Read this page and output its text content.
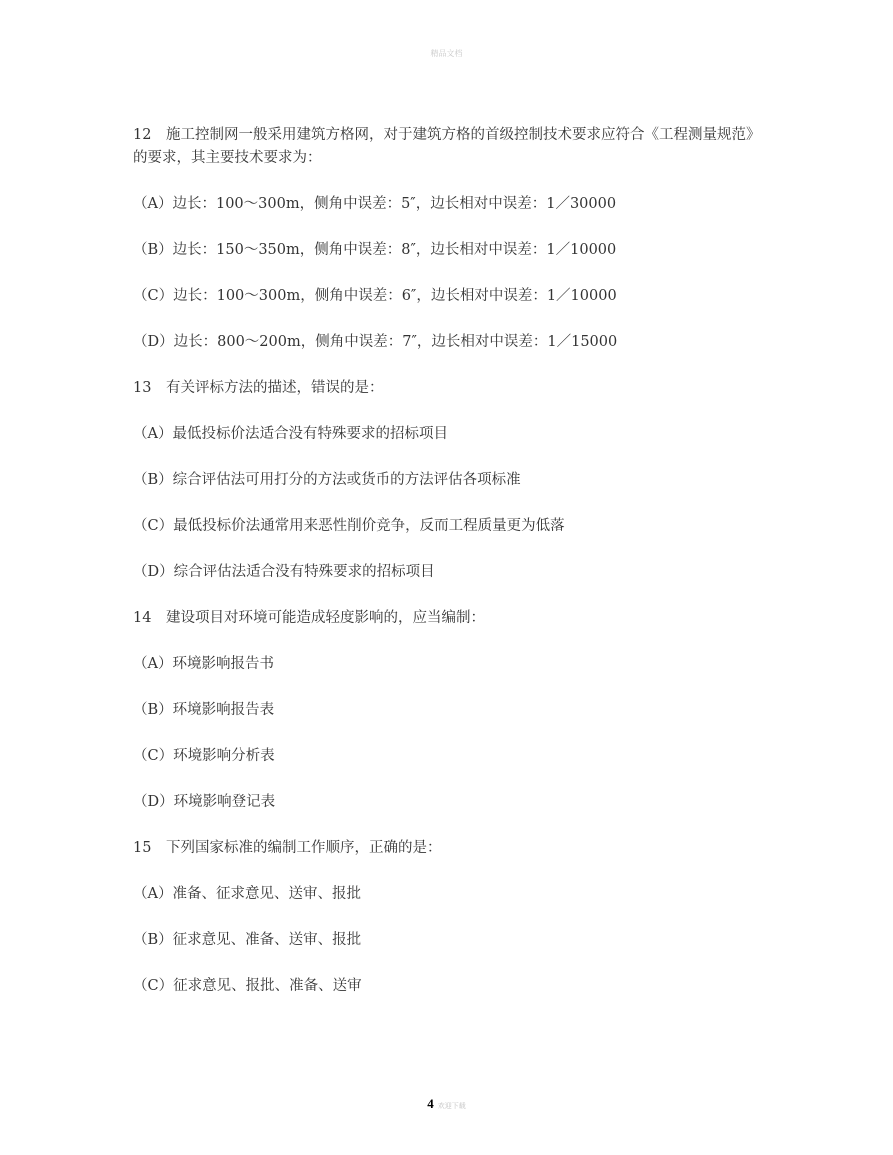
精品文档

12　施工控制网一般采用建筑方格网，对于建筑方格的首级控制技术要求应符合《工程测量规范》的要求，其主要技术要求为：

（A）边长：100～300m，侧角中误差：5″，边长相对中误差：1／30000

（B）边长：150～350m，侧角中误差：8″，边长相对中误差：1／10000

（C）边长：100～300m，侧角中误差：6″，边长相对中误差：1／10000

（D）边长：800～200m，侧角中误差：7″，边长相对中误差：1／15000

13　有关评标方法的描述，错误的是：

（A）最低投标价法适合没有特殊要求的招标项目

（B）综合评估法可用打分的方法或货币的方法评估各项标准

（C）最低投标价法通常用来恶性削价竞争，反而工程质量更为低落

（D）综合评估法适合没有特殊要求的招标项目

14　建设项目对环境可能造成轻度影响的，应当编制：

（A）环境影响报告书

（B）环境影响报告表

（C）环境影响分析表

（D）环境影响登记表

15　下列国家标准的编制工作顺序，正确的是：

（A）准备、征求意见、送审、报批

（B）征求意见、准备、送审、报批

（C）征求意见、报批、准备、送审

4 欢迎下载
